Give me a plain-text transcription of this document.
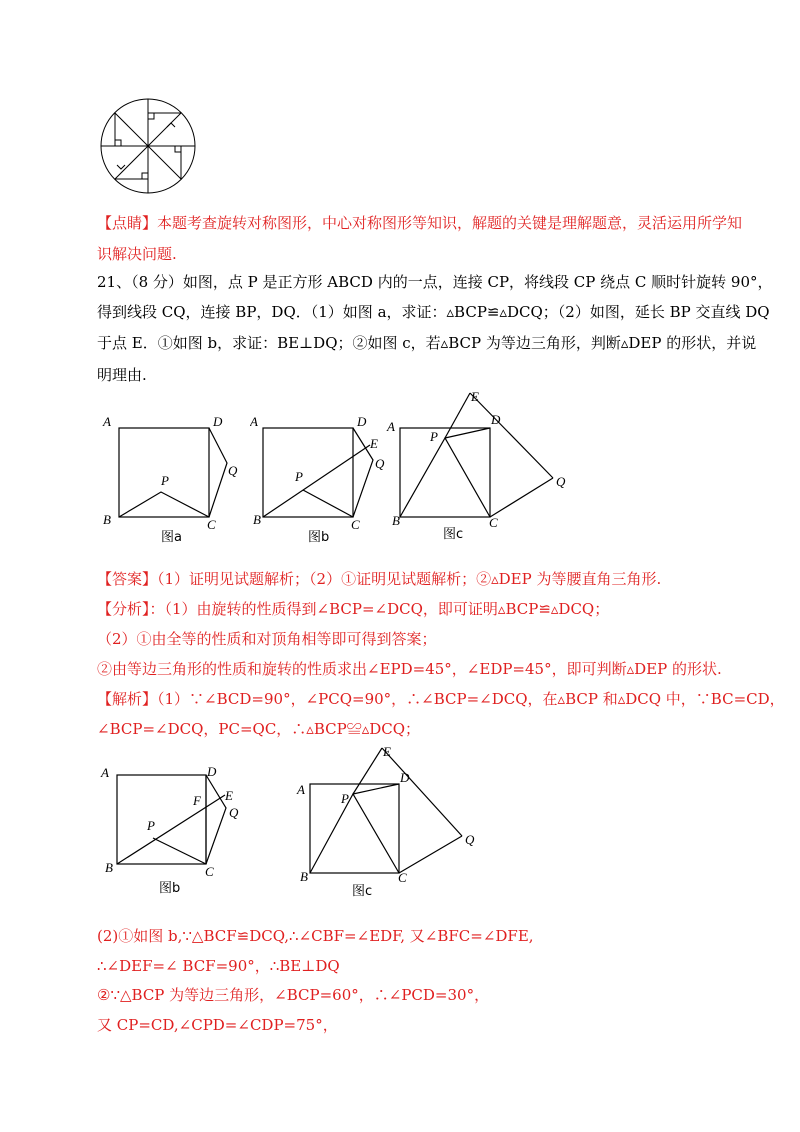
【点睛】本题考查旋转对称图形，中心对称图形等知识，解题的关键是理解题意，灵活运用所学知
识解决问题.
21、（8 分）如图，点 P 是正方形 ABCD 内的一点，连接 CP，将线段 CP 绕点 C 顺时针旋转 90°，
得到线段 CQ，连接 BP，DQ．（1）如图 a，求证：▵BCP≌▵DCQ；（2）如图，延长 BP 交直线 DQ
于点 E．①如图 b，求证：BE⊥DQ；②如图 c，若▵BCP 为等边三角形，判断▵DEP 的形状，并说
明理由.
A	D
Q
P
B	C
图a
A	D
E
Q
P
B	C
图b
A
E
D
P
Q
B	C
图c
【答案】（1）证明见试题解析；（2）①证明见试题解析；②▵DEP 为等腰直角三角形.
【分析】：（1）由旋转的性质得到∠BCP=∠DCQ，即可证明▵BCP≌▵DCQ；
（2）①由全等的性质和对顶角相等即可得到答案；
②由等边三角形的性质和旋转的性质求出∠EPD=45°，∠EDP=45°，即可判断▵DEP 的形状.
【解析】（1）∵∠BCD=90°，∠PCQ=90°，∴∠BCP=∠DCQ，在▵BCP 和▵DCQ 中，∵BC=CD，
∠BCP=∠DCQ，PC=QC，∴▵BCP≌▵DCQ；
A	D
F E
Q
P
B	C
图b
A
E
D
P
Q
B	C
图c
(2)①如图 b,∵△BCF≌DCQ,∴∠CBF=∠EDF, 又∠BFC=∠DFE,
∴∠DEF=∠ BCF=90°，∴BE⊥DQ
②∵△BCP 为等边三角形，∠BCP=60°，∴∠PCD=30°，
又 CP=CD,∠CPD=∠CDP=75°，
